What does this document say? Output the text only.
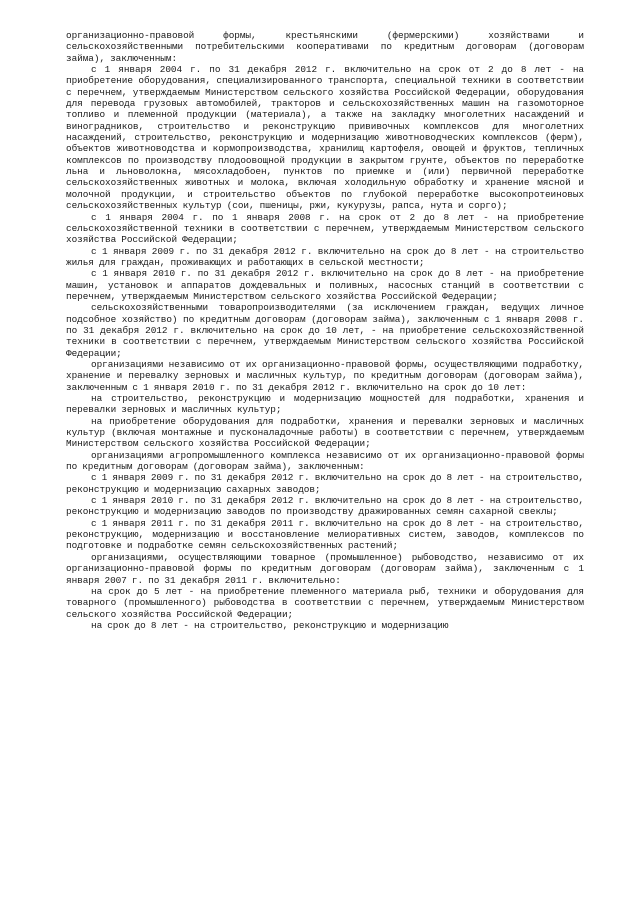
организационно-правовой формы, крестьянскими (фермерскими) хозяйствами и сельскохозяйственными потребительскими кооперативами по кредитным договорам (договорам займа), заключенным:

с 1 января 2004 г. по 31 декабря 2012 г. включительно на срок от 2 до 8 лет - на приобретение оборудования, специализированного транспорта, специальной техники в соответствии с перечнем, утверждаемым Министерством сельского хозяйства Российской Федерации, оборудования для перевода грузовых автомобилей, тракторов и сельскохозяйственных машин на газомоторное топливо и племенной продукции (материала), а также на закладку многолетних насаждений и виноградников, строительство и реконструкцию прививочных комплексов для многолетних насаждений, строительство, реконструкцию и модернизацию животноводческих комплексов (ферм), объектов животноводства и кормопроизводства, хранилищ картофеля, овощей и фруктов, тепличных комплексов по производству плодоовощной продукции в закрытом грунте, объектов по переработке льна и льноволокна, мясохладобоен, пунктов по приемке и (или) первичной переработке сельскохозяйственных животных и молока, включая холодильную обработку и хранение мясной и молочной продукции, и строительство объектов по глубокой переработке высокопротеиновых сельскохозяйственных культур (сои, пшеницы, ржи, кукурузы, рапса, нута и сорго);

с 1 января 2004 г. по 1 января 2008 г. на срок от 2 до 8 лет - на приобретение сельскохозяйственной техники в соответствии с перечнем, утверждаемым Министерством сельского хозяйства Российской Федерации;

с 1 января 2009 г. по 31 декабря 2012 г. включительно на срок до 8 лет - на строительство жилья для граждан, проживающих и работающих в сельской местности;

с 1 января 2010 г. по 31 декабря 2012 г. включительно на срок до 8 лет - на приобретение машин, установок и аппаратов дождевальных и поливных, насосных станций в соответствии с перечнем, утверждаемым Министерством сельского хозяйства Российской Федерации;

сельскохозяйственными товаропроизводителями (за исключением граждан, ведущих личное подсобное хозяйство) по кредитным договорам (договорам займа), заключенным с 1 января 2008 г. по 31 декабря 2012 г. включительно на срок до 10 лет, - на приобретение сельскохозяйственной техники в соответствии с перечнем, утверждаемым Министерством сельского хозяйства Российской Федерации;

организациями независимо от их организационно-правовой формы, осуществляющими подработку, хранение и перевалку зерновых и масличных культур, по кредитным договорам (договорам займа), заключенным с 1 января 2010 г. по 31 декабря 2012 г. включительно на срок до 10 лет:

на строительство, реконструкцию и модернизацию мощностей для подработки, хранения и перевалки зерновых и масличных культур;

на приобретение оборудования для подработки, хранения и перевалки зерновых и масличных культур (включая монтажные и пусконаладочные работы) в соответствии с перечнем, утверждаемым Министерством сельского хозяйства Российской Федерации;

организациями агропромышленного комплекса независимо от их организационно-правовой формы по кредитным договорам (договорам займа), заключенным:

с 1 января 2009 г. по 31 декабря 2012 г. включительно на срок до 8 лет - на строительство, реконструкцию и модернизацию сахарных заводов;

с 1 января 2010 г. по 31 декабря 2012 г. включительно на срок до 8 лет - на строительство, реконструкцию и модернизацию заводов по производству дражированных семян сахарной свеклы;

с 1 января 2011 г. по 31 декабря 2011 г. включительно на срок до 8 лет - на строительство, реконструкцию, модернизацию и восстановление мелиоративных систем, заводов, комплексов по подготовке и подработке семян сельскохозяйственных растений;

организациями, осуществляющими товарное (промышленное) рыбоводство, независимо от их организационно-правовой формы по кредитным договорам (договорам займа), заключенным с 1 января 2007 г. по 31 декабря 2011 г. включительно:

на срок до 5 лет - на приобретение племенного материала рыб, техники и оборудования для товарного (промышленного) рыбоводства в соответствии с перечнем, утверждаемым Министерством сельского хозяйства Российской Федерации;

на срок до 8 лет - на строительство, реконструкцию и модернизацию
